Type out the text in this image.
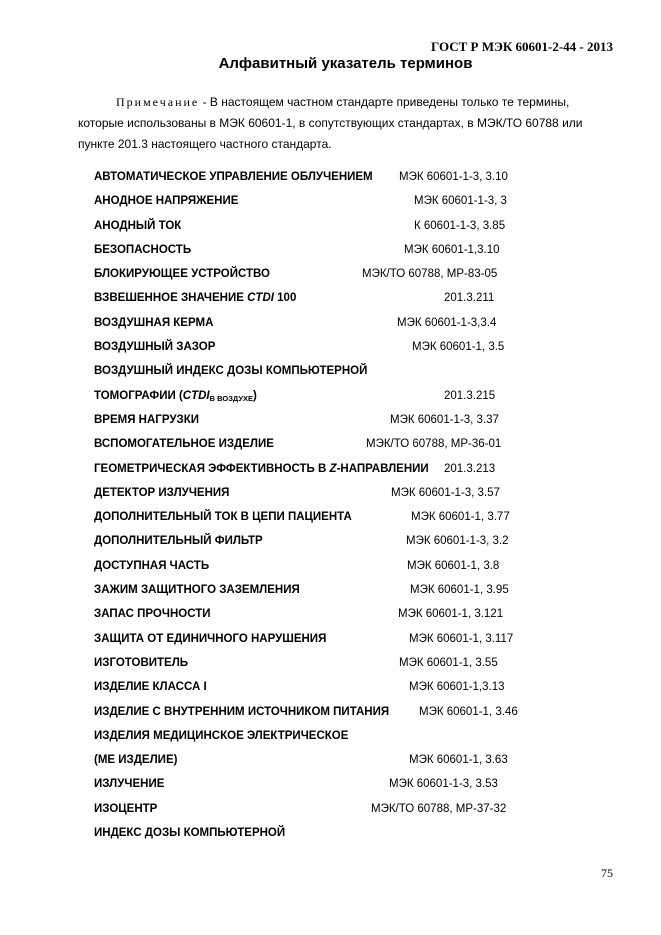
ГОСТ Р МЭК 60601-2-44 - 2013
Алфавитный указатель терминов
Примечание - В настоящем частном стандарте приведены только те термины, которые использованы в МЭК 60601-1, в сопутствующих стандартах, в МЭК/ТО 60788 или пункте 201.3 настоящего частного стандарта.
АВТОМАТИЧЕСКОЕ УПРАВЛЕНИЕ ОБЛУЧЕНИЕМ МЭК 60601-1-3, 3.10
АНОДНОЕ НАПРЯЖЕНИЕ	МЭК 60601-1-3, 3
АНОДНЫЙ ТОК	К 60601-1-3, 3.85
БЕЗОПАСНОСТЬ	МЭК 60601-1,3.10
БЛОКИРУЮЩЕЕ УСТРОЙСТВО	МЭК/ТО 60788, МР-83-05
ВЗВЕШЕННОЕ ЗНАЧЕНИЕ CTDI 100	201.3.211
ВОЗДУШНАЯ КЕРМА	МЭК 60601-1-3,3.4
ВОЗДУШНЫЙ ЗАЗОР	МЭК 60601-1, 3.5
ВОЗДУШНЫЙ ИНДЕКС ДОЗЫ КОМПЬЮТЕРНОЙ
ТОМОГРАФИИ $(CTDI_{В ВОЗДУХЕ})$	201.3.215
ВРЕМЯ НАГРУЗКИ	МЭК 60601-1-3, 3.37
ВСПОМОГАТЕЛЬНОЕ ИЗДЕЛИЕ	МЭК/ТО 60788, МР-36-01
ГЕОМЕТРИЧЕСКАЯ ЭФФЕКТИВНОСТЬ В Z-НАПРАВЛЕНИИ 201.3.213
ДЕТЕКТОР ИЗЛУЧЕНИЯ	МЭК 60601-1-3, 3.57
ДОПОЛНИТЕЛЬНЫЙ ТОК В ЦЕПИ ПАЦИЕНТА	МЭК 60601-1, 3.77
ДОПОЛНИТЕЛЬНЫЙ ФИЛЬТР	МЭК 60601-1-3, 3.2
ДОСТУПНАЯ ЧАСТЬ	МЭК 60601-1, 3.8
ЗАЖИМ ЗАЩИТНОГО ЗАЗЕМЛЕНИЯ	МЭК 60601-1, 3.95
ЗАПАС ПРОЧНОСТИ	МЭК 60601-1, 3.121
ЗАЩИТА ОТ ЕДИНИЧНОГО НАРУШЕНИЯ	МЭК 60601-1, 3.117
ИЗГОТОВИТЕЛЬ	МЭК 60601-1, 3.55
ИЗДЕЛИЕ КЛАССА I	МЭК 60601-1,3.13
ИЗДЕЛИЕ С ВНУТРЕННИМ ИСТОЧНИКОМ ПИТАНИЯ	МЭК 60601-1, 3.46
ИЗДЕЛИЯ МЕДИЦИНСКОЕ ЭЛЕКТРИЧЕСКОЕ
(МЕ ИЗДЕЛИЕ)	МЭК 60601-1, 3.63
ИЗЛУЧЕНИЕ	МЭК 60601-1-3, 3.53
ИЗОЦЕНТР	МЭК/ТО 60788, МР-37-32
ИНДЕКС ДОЗЫ КОМПЬЮТЕРНОЙ
75
